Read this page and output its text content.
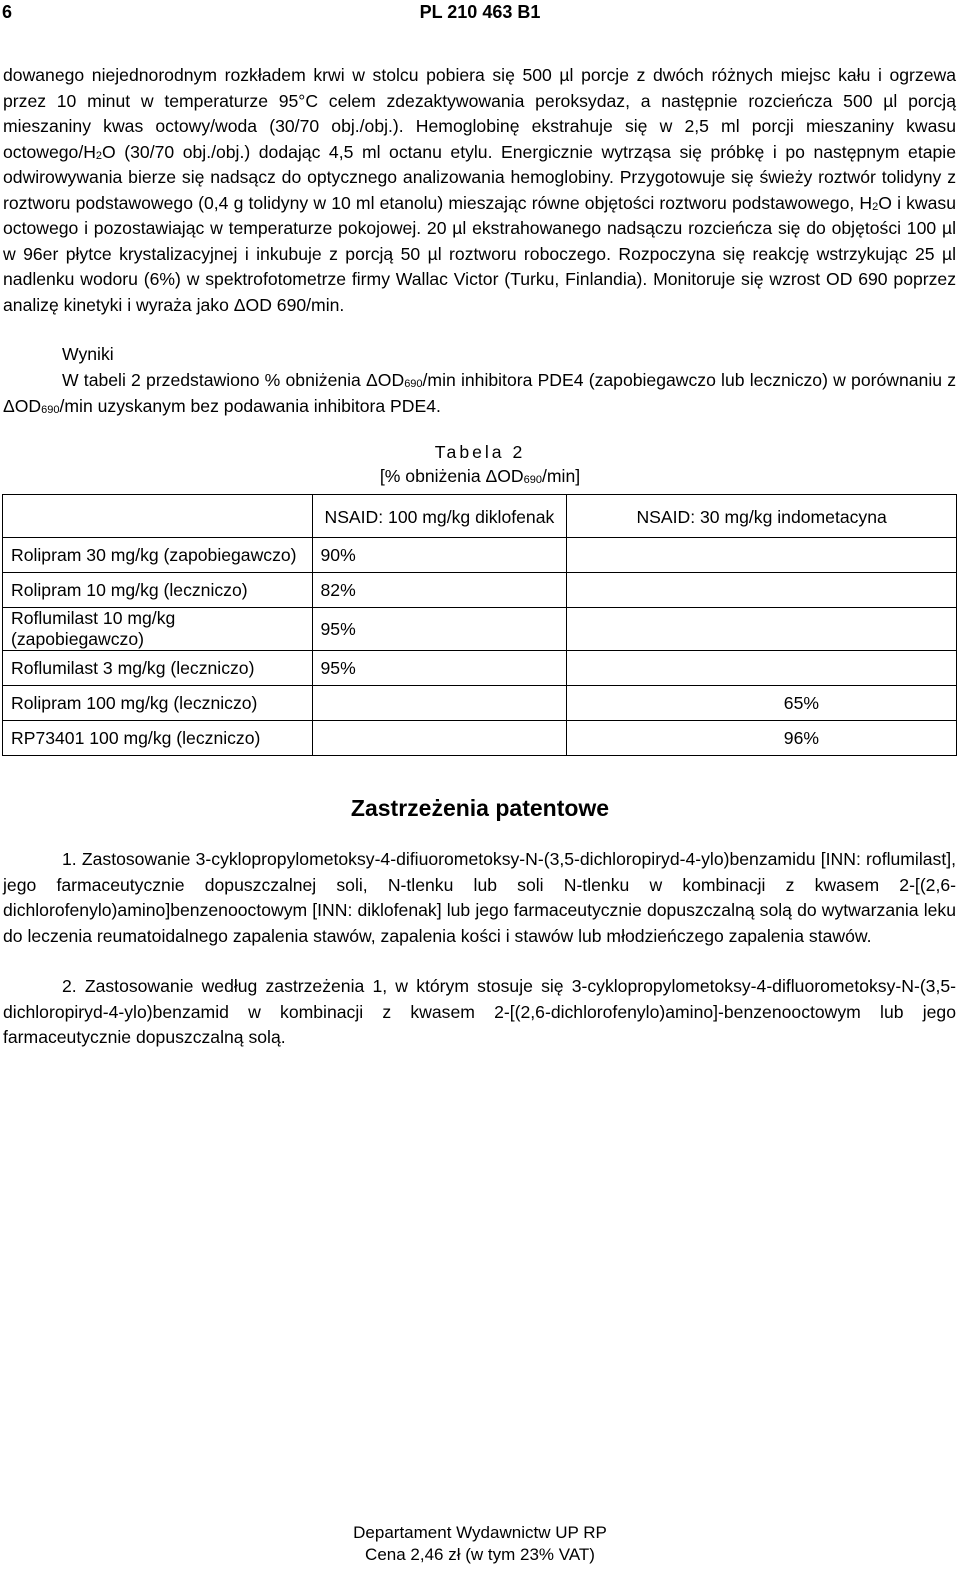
6	PL 210 463 B1
dowanego niejednorodnym rozkładem krwi w stolcu pobiera się 500 µl porcje z dwóch różnych miejsc kału i ogrzewa przez 10 minut w temperaturze 95°C celem zdezaktywowania peroksydaz, a następnie rozcieńcza 500 µl porcją mieszaniny kwas octowy/woda (30/70 obj./obj.). Hemoglobinę ekstrahuje się w 2,5 ml porcji mieszaniny kwasu octowego/$H_2O$ (30/70 obj./obj.) dodając 4,5 ml octanu etylu. Energicznie wytrząsa się próbkę i po następnym etapie odwirowywania bierze się nadsącz do optycznego analizowania hemoglobiny. Przygotowuje się świeży roztwór tolidyny z roztworu podstawowego (0,4 g tolidyny w 10 ml etanolu) mieszając równe objętości roztworu podstawowego, $H_2O$ i kwasu octowego i pozostawiając w temperaturze pokojowej. 20 µl ekstrahowanego nadsączu rozcieńcza się do objętości 100 µl w 96er płytce krystalizacyjnej i inkubuje z porcją 50 µl roztworu roboczego. Rozpoczyna się reakcję wstrzykując 25 µl nadlenku wodoru (6%) w spektrofotometrze firmy Wallac Victor (Turku, Finlandia). Monitoruje się wzrost OD 690 poprzez analizę kinetyki i wyraża jako ΔOD 690/min.
Wyniki
W tabeli 2 przedstawiono % obniżenia $\Delta OD_{690}/\min$ inhibitora PDE4 (zapobiegawczo lub leczniczo) w porównaniu z $\Delta OD_{690}/\min$ uzyskanym bez podawania inhibitora PDE4.
Tabela 2
[% obniżenia $\Delta OD_{690}/\min$]
	NSAID: 100 mg/kg diklofenak	NSAID: 30 mg/kg indometacyna
Rolipram 30 mg/kg (zapobiegawczo)	90%	
Rolipram 10 mg/kg (leczniczo)	82%	
Roflumilast 10 mg/kg (zapobiegawczo)	95%	
Roflumilast 3 mg/kg (leczniczo)	95%	
Rolipram 100 mg/kg (leczniczo)		65%
RP73401 100 mg/kg (leczniczo)		96%
Zastrzeżenia patentowe
1. Zastosowanie 3-cyklopropylometoksy-4-difiuorometoksy-N-(3,5-dichloropiryd-4-ylo)benzamidu [INN: roflumilast], jego farmaceutycznie dopuszczalnej soli, N-tlenku lub soli N-tlenku w kombinacji z kwasem 2-[(2,6-dichlorofenylo)amino]benzenooctowym [INN: diklofenak] lub jego farmaceutycznie dopuszczalną solą do wytwarzania leku do leczenia reumatoidalnego zapalenia stawów, zapalenia kości i stawów lub młodzieńczego zapalenia stawów.
2. Zastosowanie według zastrzeżenia 1, w którym stosuje się 3-cyklopropylometoksy-4-difluorometoksy-N-(3,5-dichloropiryd-4-ylo)benzamid w kombinacji z kwasem 2-[(2,6-dichlorofenylo)amino]-benzenooctowym lub jego farmaceutycznie dopuszczalną solą.
Departament Wydawnictw UP RP
Cena 2,46 zł (w tym 23% VAT)
